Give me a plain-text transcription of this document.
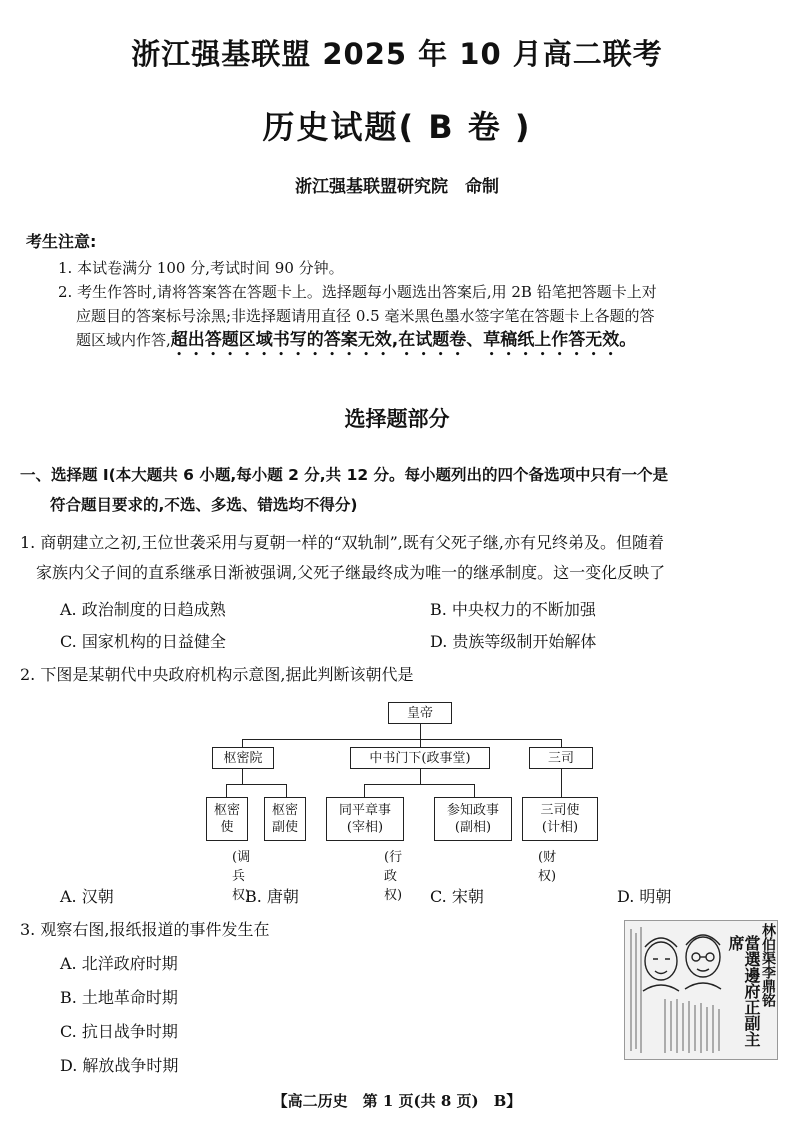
浙江强基联盟 2025 年 10 月高二联考
历史试题( B 卷 )
浙江强基联盟研究院　命制
考生注意:
1. 本试卷满分 100 分,考试时间 90 分钟。
2. 考生作答时,请将答案答在答题卡上。选择题每小题选出答案后,用 2B 铅笔把答题卡上对
应题目的答案标号涂黑;非选择题请用直径 0.5 毫米黑色墨水签字笔在答题卡上各题的答
题区域内作答,超出答题区域书写的答案无效,在试题卷、草稿纸上作答无效。
选择题部分
一、选择题 Ⅰ(本大题共 6 小题,每小题 2 分,共 12 分。每小题列出的四个备选项中只有一个是
符合题目要求的,不选、多选、错选均不得分)
1. 商朝建立之初,王位世袭采用与夏朝一样的“双轨制”,既有父死子继,亦有兄终弟及。但随着
家族内父子间的直系继承日渐被强调,父死子继最终成为唯一的继承制度。这一变化反映了
A. 政治制度的日趋成熟	B. 中央权力的不断加强
C. 国家机构的日益健全	D. 贵族等级制开始解体
2. 下图是某朝代中央政府机构示意图,据此判断该朝代是
皇帝
枢密院	中书门下(政事堂)	三司
枢密使
枢密副使
同平章事(宰相)
参知政事(副相)
三司使(计相)
(调兵权)
(行政权)
(财权)
A. 汉朝	B. 唐朝	C. 宋朝	D. 明朝
3. 观察右图,报纸报道的事件发生在
A. 北洋政府时期
B. 土地革命时期
C. 抗日战争时期
D. 解放战争时期
林伯渠李鼎铭
當選邊府正副主席
【高二历史　第 1 页(共 8 页)　B】
